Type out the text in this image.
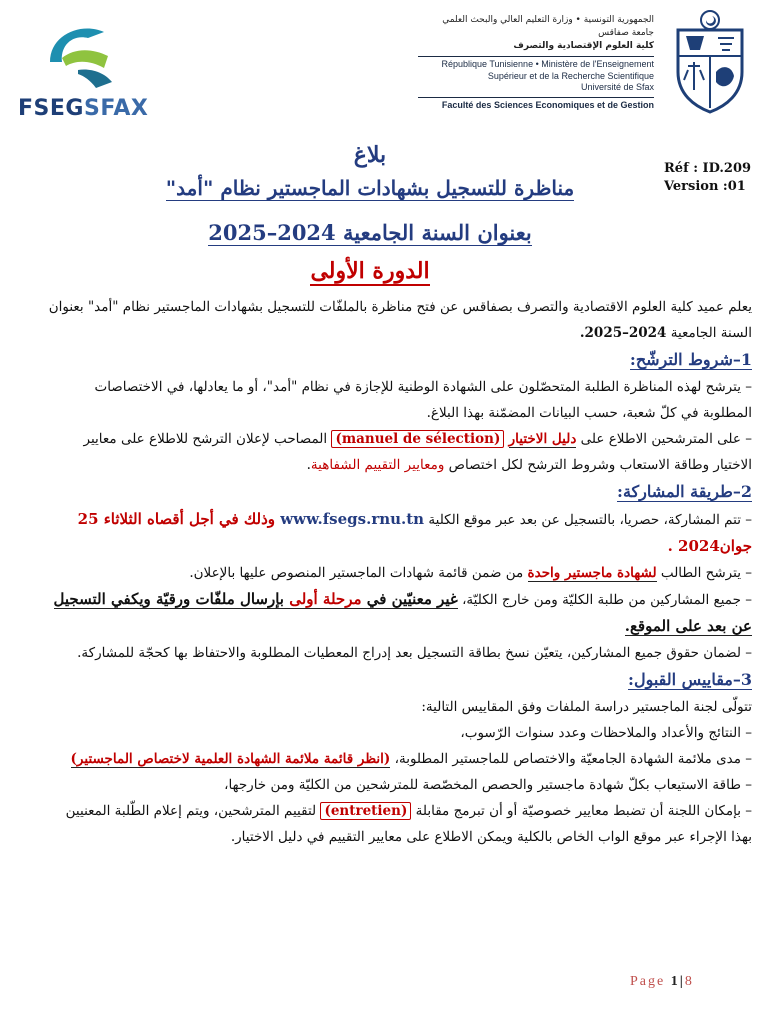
FSEGSFAX
الجمهورية التونسية • وزارة التعليم العالي والبحث العلمي
جامعة صفاقس
كلية العلوم الإقتصادية والتصرف
République Tunisienne • Ministère de l'Enseignement
Supérieur et de la Recherche Scientifique
Université de Sfax
Faculté des Sciences Economiques et de Gestion
Réf : ID.209
Version :01
بلاغ
مناظرة للتسجيل بشهادات الماجستير نظام "أمد"
بعنوان السنة الجامعية 2024–2025
الدورة الأولى

يعلم عميد كلية العلوم الاقتصادية والتصرف بصفاقس عن فتح مناظرة بالملفّات للتسجيل بشهادات الماجستير نظام "أمد" بعنوان
السنة الجامعية 2024–2025.

1–شروط الترشّح:

– يترشح لهذه المناظرة الطلبة المتحصّلون على الشهادة الوطنية للإجازة في نظام "أمد"، أو ما يعادلها، في الاختصاصات المطلوبة في كلّ شعبة، حسب البيانات المضمّنة بهذا البلاغ.

– على المترشحين الاطلاع على دليل الاختيار (manuel de sélection) المصاحب لإعلان الترشح للاطلاع على معايير الاختيار وطاقة الاستعاب وشروط الترشح لكل اختصاص ومعايير التقييم الشفاهية.

2–طريقة المشاركة:

– تتم المشاركة، حصريا، بالتسجيل عن بعد عبر موقع الكلية www.fsegs.rnu.tn وذلك في أجل أقصاه الثلاثاء 25
جوان2024 .

– يترشح الطالب لشهادة ماجستير واحدة من ضمن قائمة شهادات الماجستير المنصوص عليها بالإعلان.

– جميع المشاركين من طلبة الكليّة ومن خارج الكليّة، غير معنيّين في مرحلة أولى بإرسال ملفّات ورقيّة ويكفي التسجيل عن بعد على الموقع.

– لضمان حقوق جميع المشاركين، يتعيّن نسخ بطاقة التسجيل بعد إدراج المعطيات المطلوبة والاحتفاظ بها كحجّة للمشاركة.

3–مقاييس القبول:

تتولّى لجنة الماجستير دراسة الملفات وفق المقاييس التالية:

– النتائج والأعداد والملاحظات وعدد سنوات الرّسوب،

– مدى ملائمة الشهادة الجامعيّة والاختصاص للماجستير المطلوبة، (انظر قائمة ملائمة الشهادة العلمية لاختصاص الماجستير)

– طاقة الاستيعاب بكلّ شهادة ماجستير والحصص المخصّصة للمترشحين من الكليّة ومن خارجها،

– بإمكان اللجنة أن تضبط معايير خصوصيّة أو أن تبرمج مقابلة (entretien) لتقييم المترشحين، ويتم إعلام الطّلبة المعنيين بهذا الإجراء عبر موقع الواب الخاص بالكلية ويمكن الاطلاع على معايير التقييم في دليل الاختيار.

Page 1|8
